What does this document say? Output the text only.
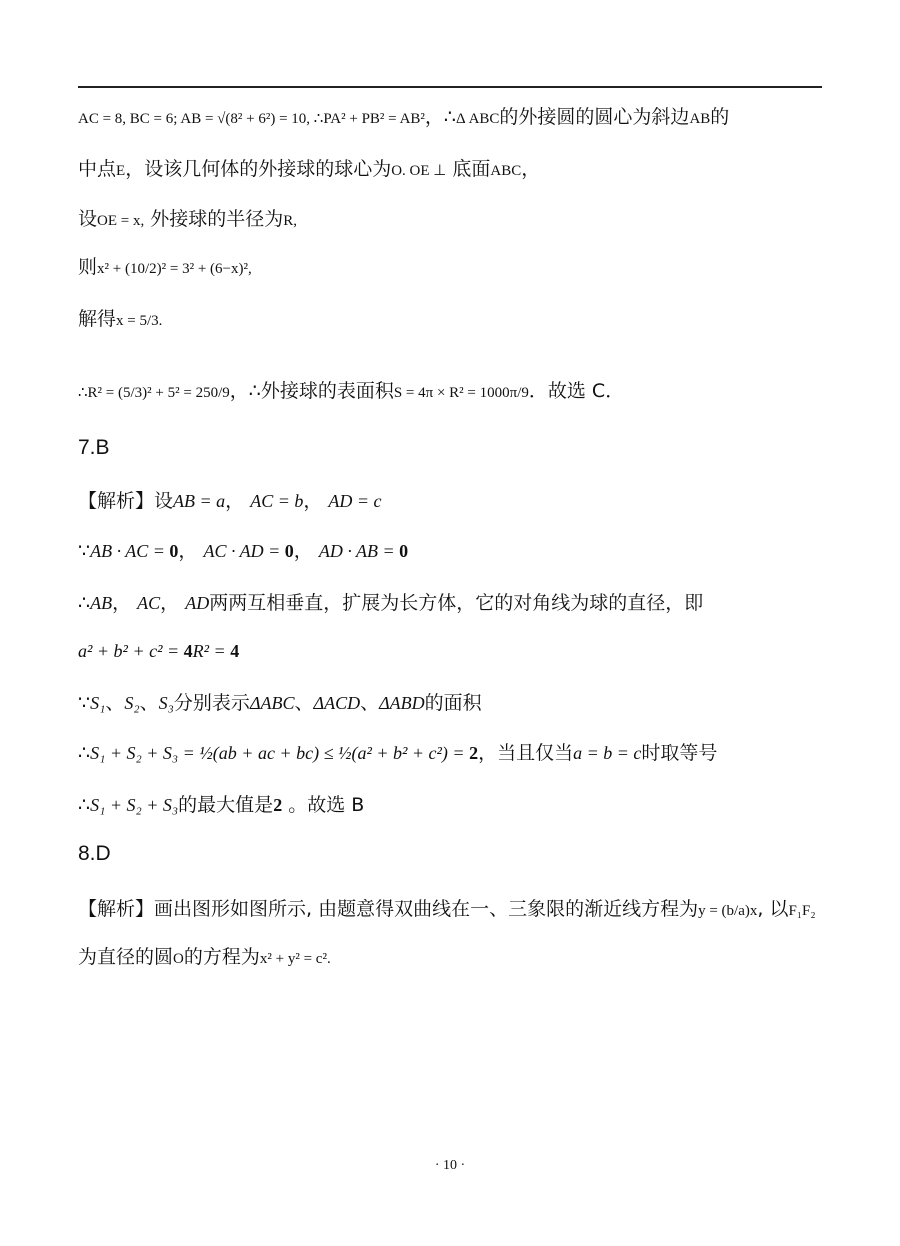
AC = 8, BC = 6; AB = √(8² + 6²) = 10, ∴PA² + PB² = AB²，∴Δ ABC的外接圆的圆心为斜边AB的
中点E，设该几何体的外接球的球心为O. OE ⊥ 底面ABC，
设OE = x, 外接球的半径为R,
则x² + (10/2)² = 3² + (6−x)²,
解得x = 5/3.
∴R² = (5/3)² + 5² = 250/9，∴外接球的表面积S = 4π × R² = 1000π/9．故选 C．
7.B
【解析】设AB = a， AC = b， AD = c
∵AB · AC = 0， AC · AD = 0， AD · AB = 0
∴AB， AC， AD两两互相垂直，扩展为长方体，它的对角线为球的直径，即
a² + b² + c² = 4R² = 4
∵S₁、S₂、S₃分别表示ΔABC、ΔACD、ΔABD的面积
∴S₁ + S₂ + S₃ = ½(ab + ac + bc) ≤ ½(a² + b² + c²) = 2，当且仅当a = b = c时取等号
∴S₁ + S₂ + S₃的最大值是2 。故选 B
8.D
【解析】画出图形如图所示, 由题意得双曲线在一、三象限的渐近线方程为y = (b/a)x, 以F₁F₂
为直径的圆O的方程为x² + y² = c².
· 10 ·
